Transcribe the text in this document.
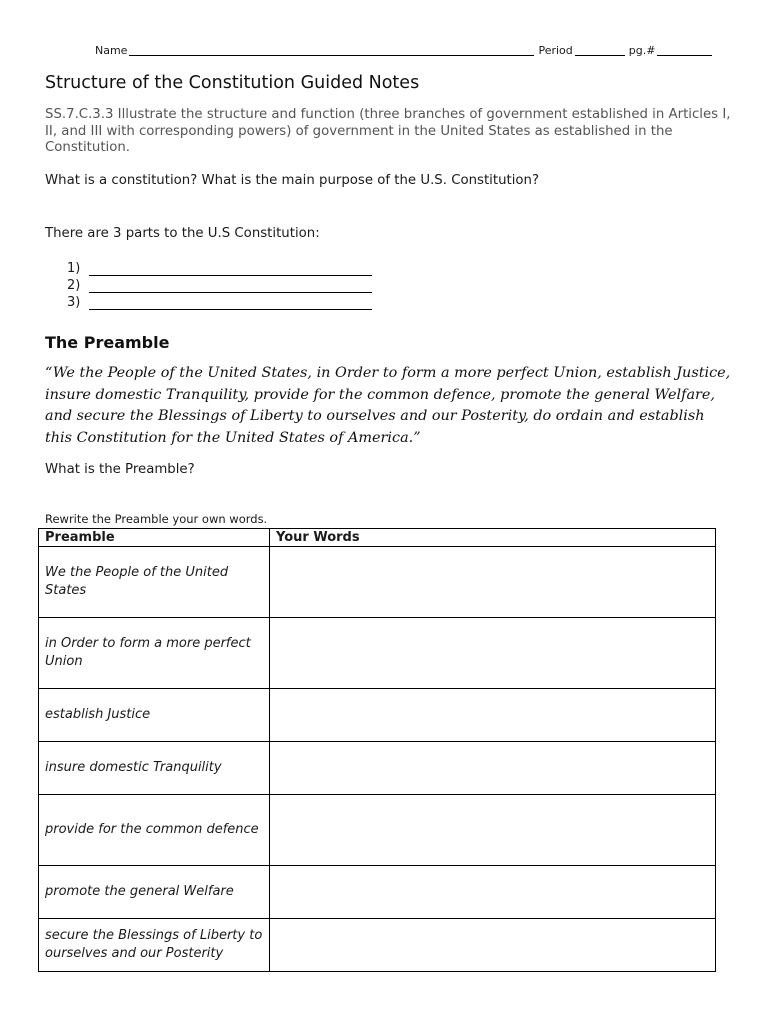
Name	Period	pg.#
Structure of the Constitution Guided Notes
SS.7.C.3.3 Illustrate the structure and function (three branches of government established in Articles I, II, and III with corresponding powers) of government in the United States as established in the Constitution.
What is a constitution? What is the main purpose of the U.S. Constitution?
There are 3 parts to the U.S Constitution:
1)
2)
3)
The Preamble
“We the People of the United States, in Order to form a more perfect Union, establish Justice, insure domestic Tranquility, provide for the common defence, promote the general Welfare, and secure the Blessings of Liberty to ourselves and our Posterity, do ordain and establish this Constitution for the United States of America.”
What is the Preamble?
Rewrite the Preamble your own words.
Preamble	Your Words
We the People of the United States	
in Order to form a more perfect Union	
establish Justice	
insure domestic Tranquility	
provide for the common defence	
promote the general Welfare	
secure the Blessings of Liberty to ourselves and our Posterity	
